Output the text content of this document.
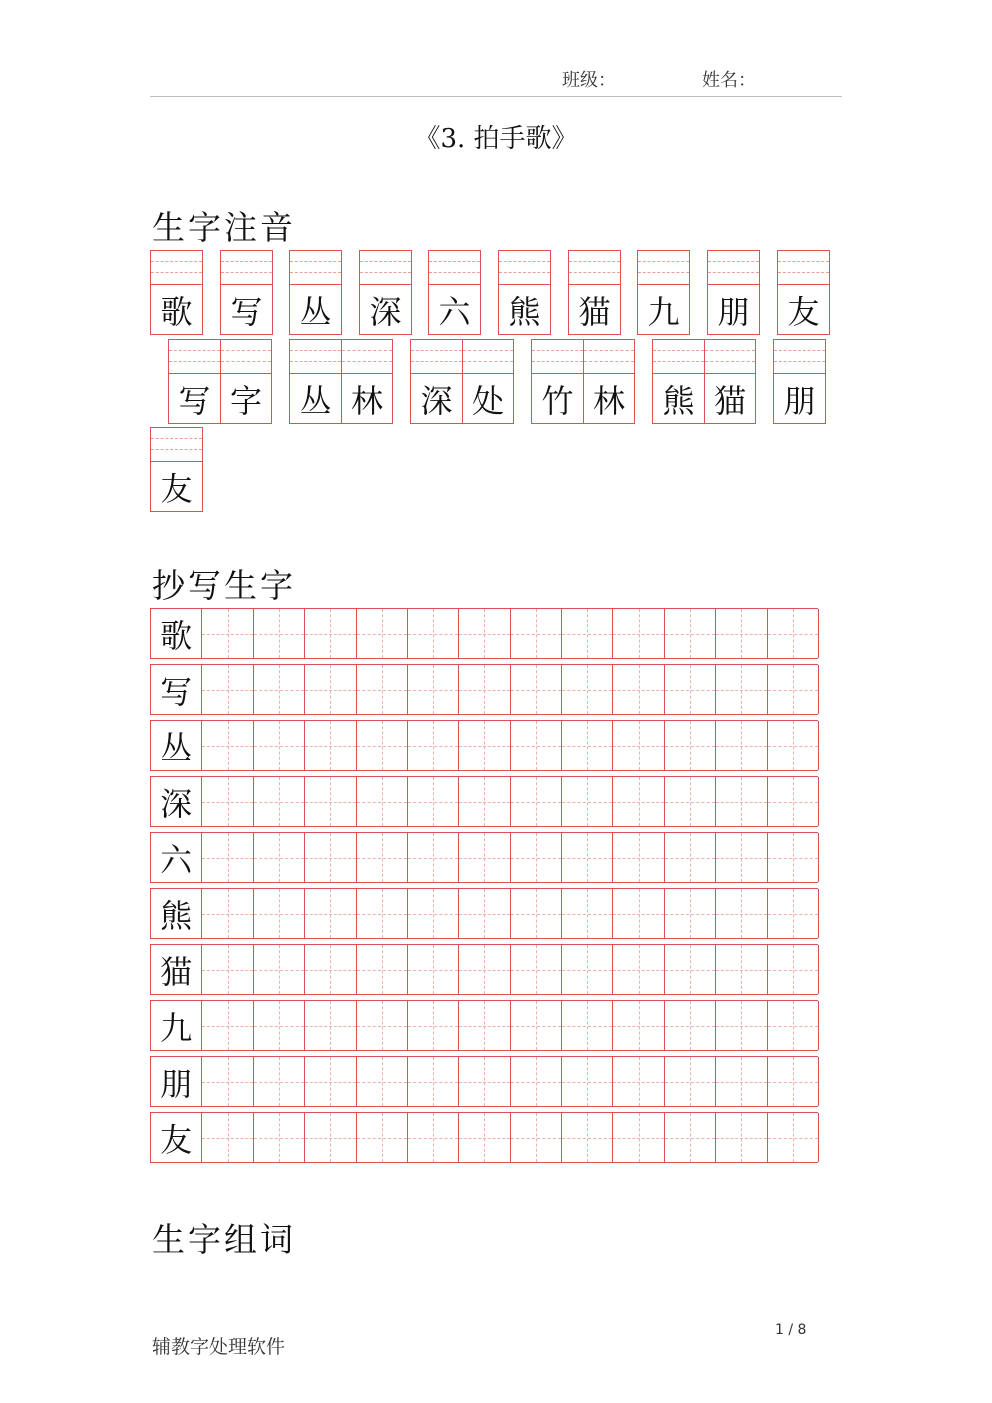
班级：	姓名：
《3. 拍手歌》
生字注音
抄写生字
歌
写
丛
深
六
熊
猫
九
朋
友
生字组词
辅教字处理软件
1 / 8
歌 写 丛 深 六 熊 猫 九 朋 友
写 字 丛 林 深 处 竹 林 熊 猫 朋
友
